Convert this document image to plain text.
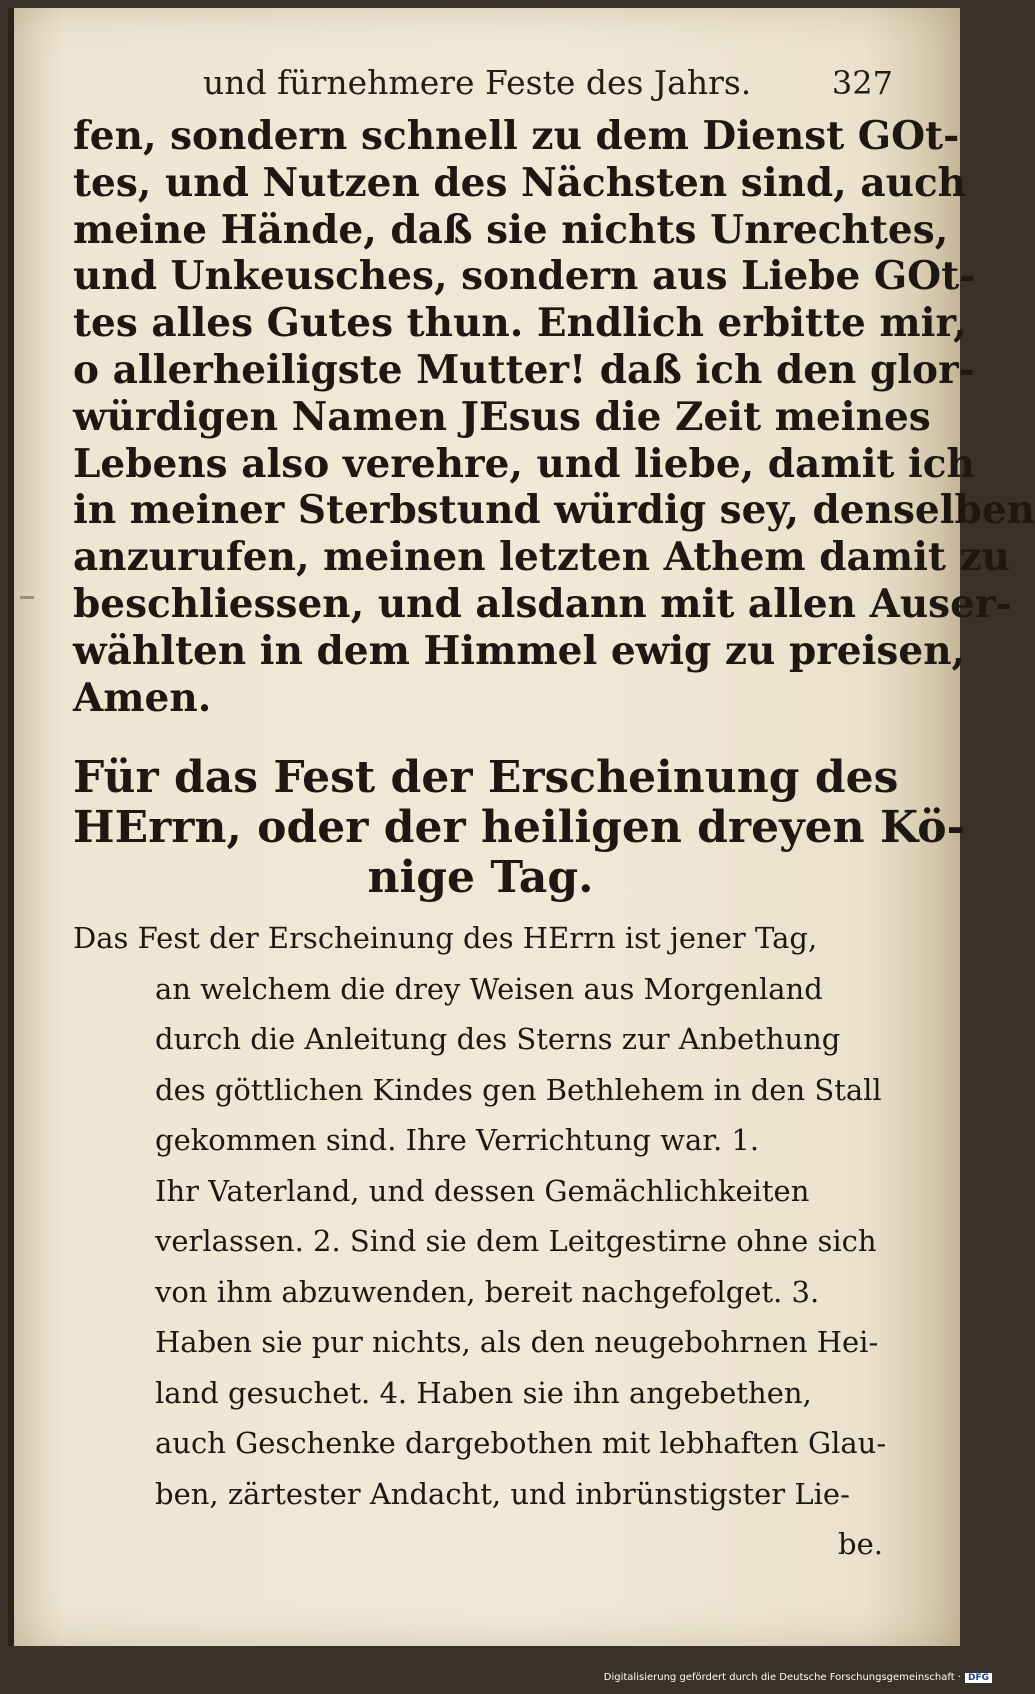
und fürnehmere Feste des Jahrs.	327
fen, sondern schnell zu dem Dienst GOt-
tes, und Nutzen des Nächsten sind, auch
meine Hände, daß sie nichts Unrechtes,
und Unkeusches, sondern aus Liebe GOt-
tes alles Gutes thun. Endlich erbitte mir,
o allerheiligste Mutter! daß ich den glor-
würdigen Namen JEsus die Zeit meines
Lebens also verehre, und liebe, damit ich
in meiner Sterbstund würdig sey, denselben
anzurufen, meinen letzten Athem damit zu
beschliessen, und alsdann mit allen Auser-
wählten in dem Himmel ewig zu preisen,
Amen.
Für das Fest der Erscheinung des
HErrn, oder der heiligen dreyen Kö-
nige Tag.
Das Fest der Erscheinung des HErrn ist jener Tag,
an welchem die drey Weisen aus Morgenland
durch die Anleitung des Sterns zur Anbethung
des göttlichen Kindes gen Bethlehem in den Stall
gekommen sind. Ihre Verrichtung war. 1.
Ihr Vaterland, und dessen Gemächlichkeiten
verlassen. 2. Sind sie dem Leitgestirne ohne sich
von ihm abzuwenden, bereit nachgefolget. 3.
Haben sie pur nichts, als den neugebohrnen Hei-
land gesuchet. 4. Haben sie ihn angebethen,
auch Geschenke dargebothen mit lebhaften Glau-
ben, zärtester Andacht, und inbrünstigster Lie-
be.
Digitalisierung gefördert durch die Deutsche Forschungsgemeinschaft · DFG
